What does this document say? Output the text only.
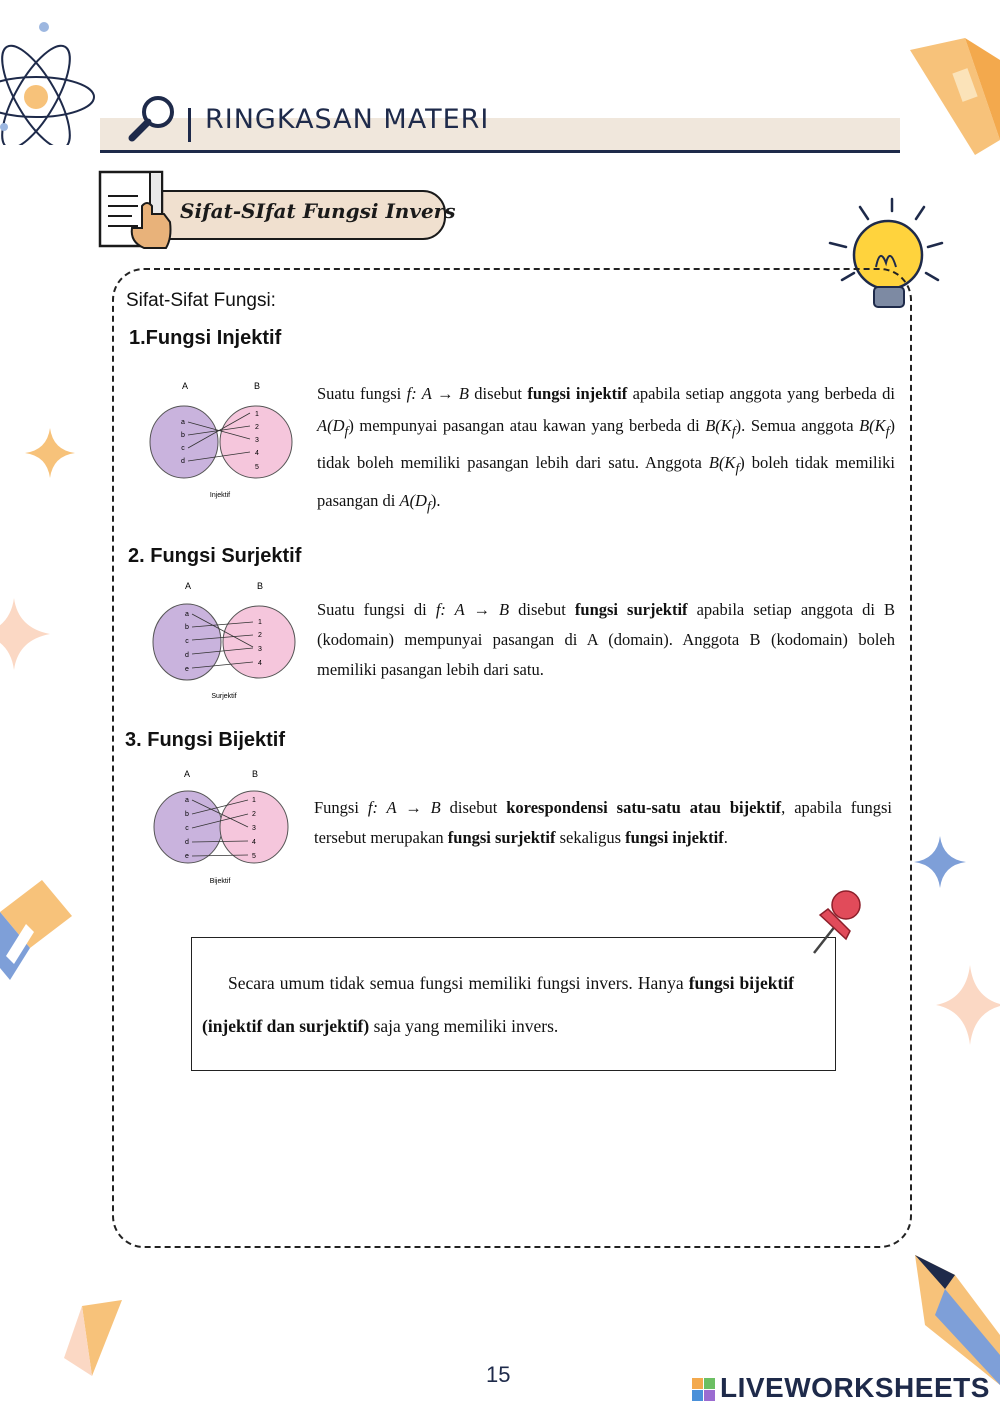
RINGKASAN MATERI
Sifat-SIfat Fungsi Invers
Sifat-Sifat Fungsi:
1.Fungsi Injektif
A	B
a
b
c
d
1
2
3
4
5
Injektif
Suatu fungsi f: A → B disebut fungsi injektif apabila setiap anggota yang berbeda di $A(D_f)$ mempunyai pasangan atau kawan yang berbeda di $B(K_f)$. Semua anggota $B(K_f)$ tidak boleh memiliki pasangan lebih dari satu. Anggota $B(K_f)$ boleh tidak memiliki pasangan di $A(D_f)$.
2. Fungsi Surjektif
A	B
a
b
c
d
e
1
2
3
4
Surjektif
Suatu fungsi di f: A → B disebut fungsi surjektif apabila setiap anggota di B (kodomain) mempunyai pasangan di A (domain). Anggota B (kodomain) boleh memiliki pasangan lebih dari satu.
3. Fungsi Bijektif
A	B
a
b
c
d
e
1
2
3
4
5
Bijektif
Fungsi f: A → B disebut korespondensi satu-satu atau bijektif, apabila fungsi tersebut merupakan fungsi surjektif sekaligus fungsi injektif.
Secara umum tidak semua fungsi memiliki fungsi invers. Hanya fungsi bijektif (injektif dan surjektif) saja yang memiliki invers.
15	LIVEWORKSHEETS
